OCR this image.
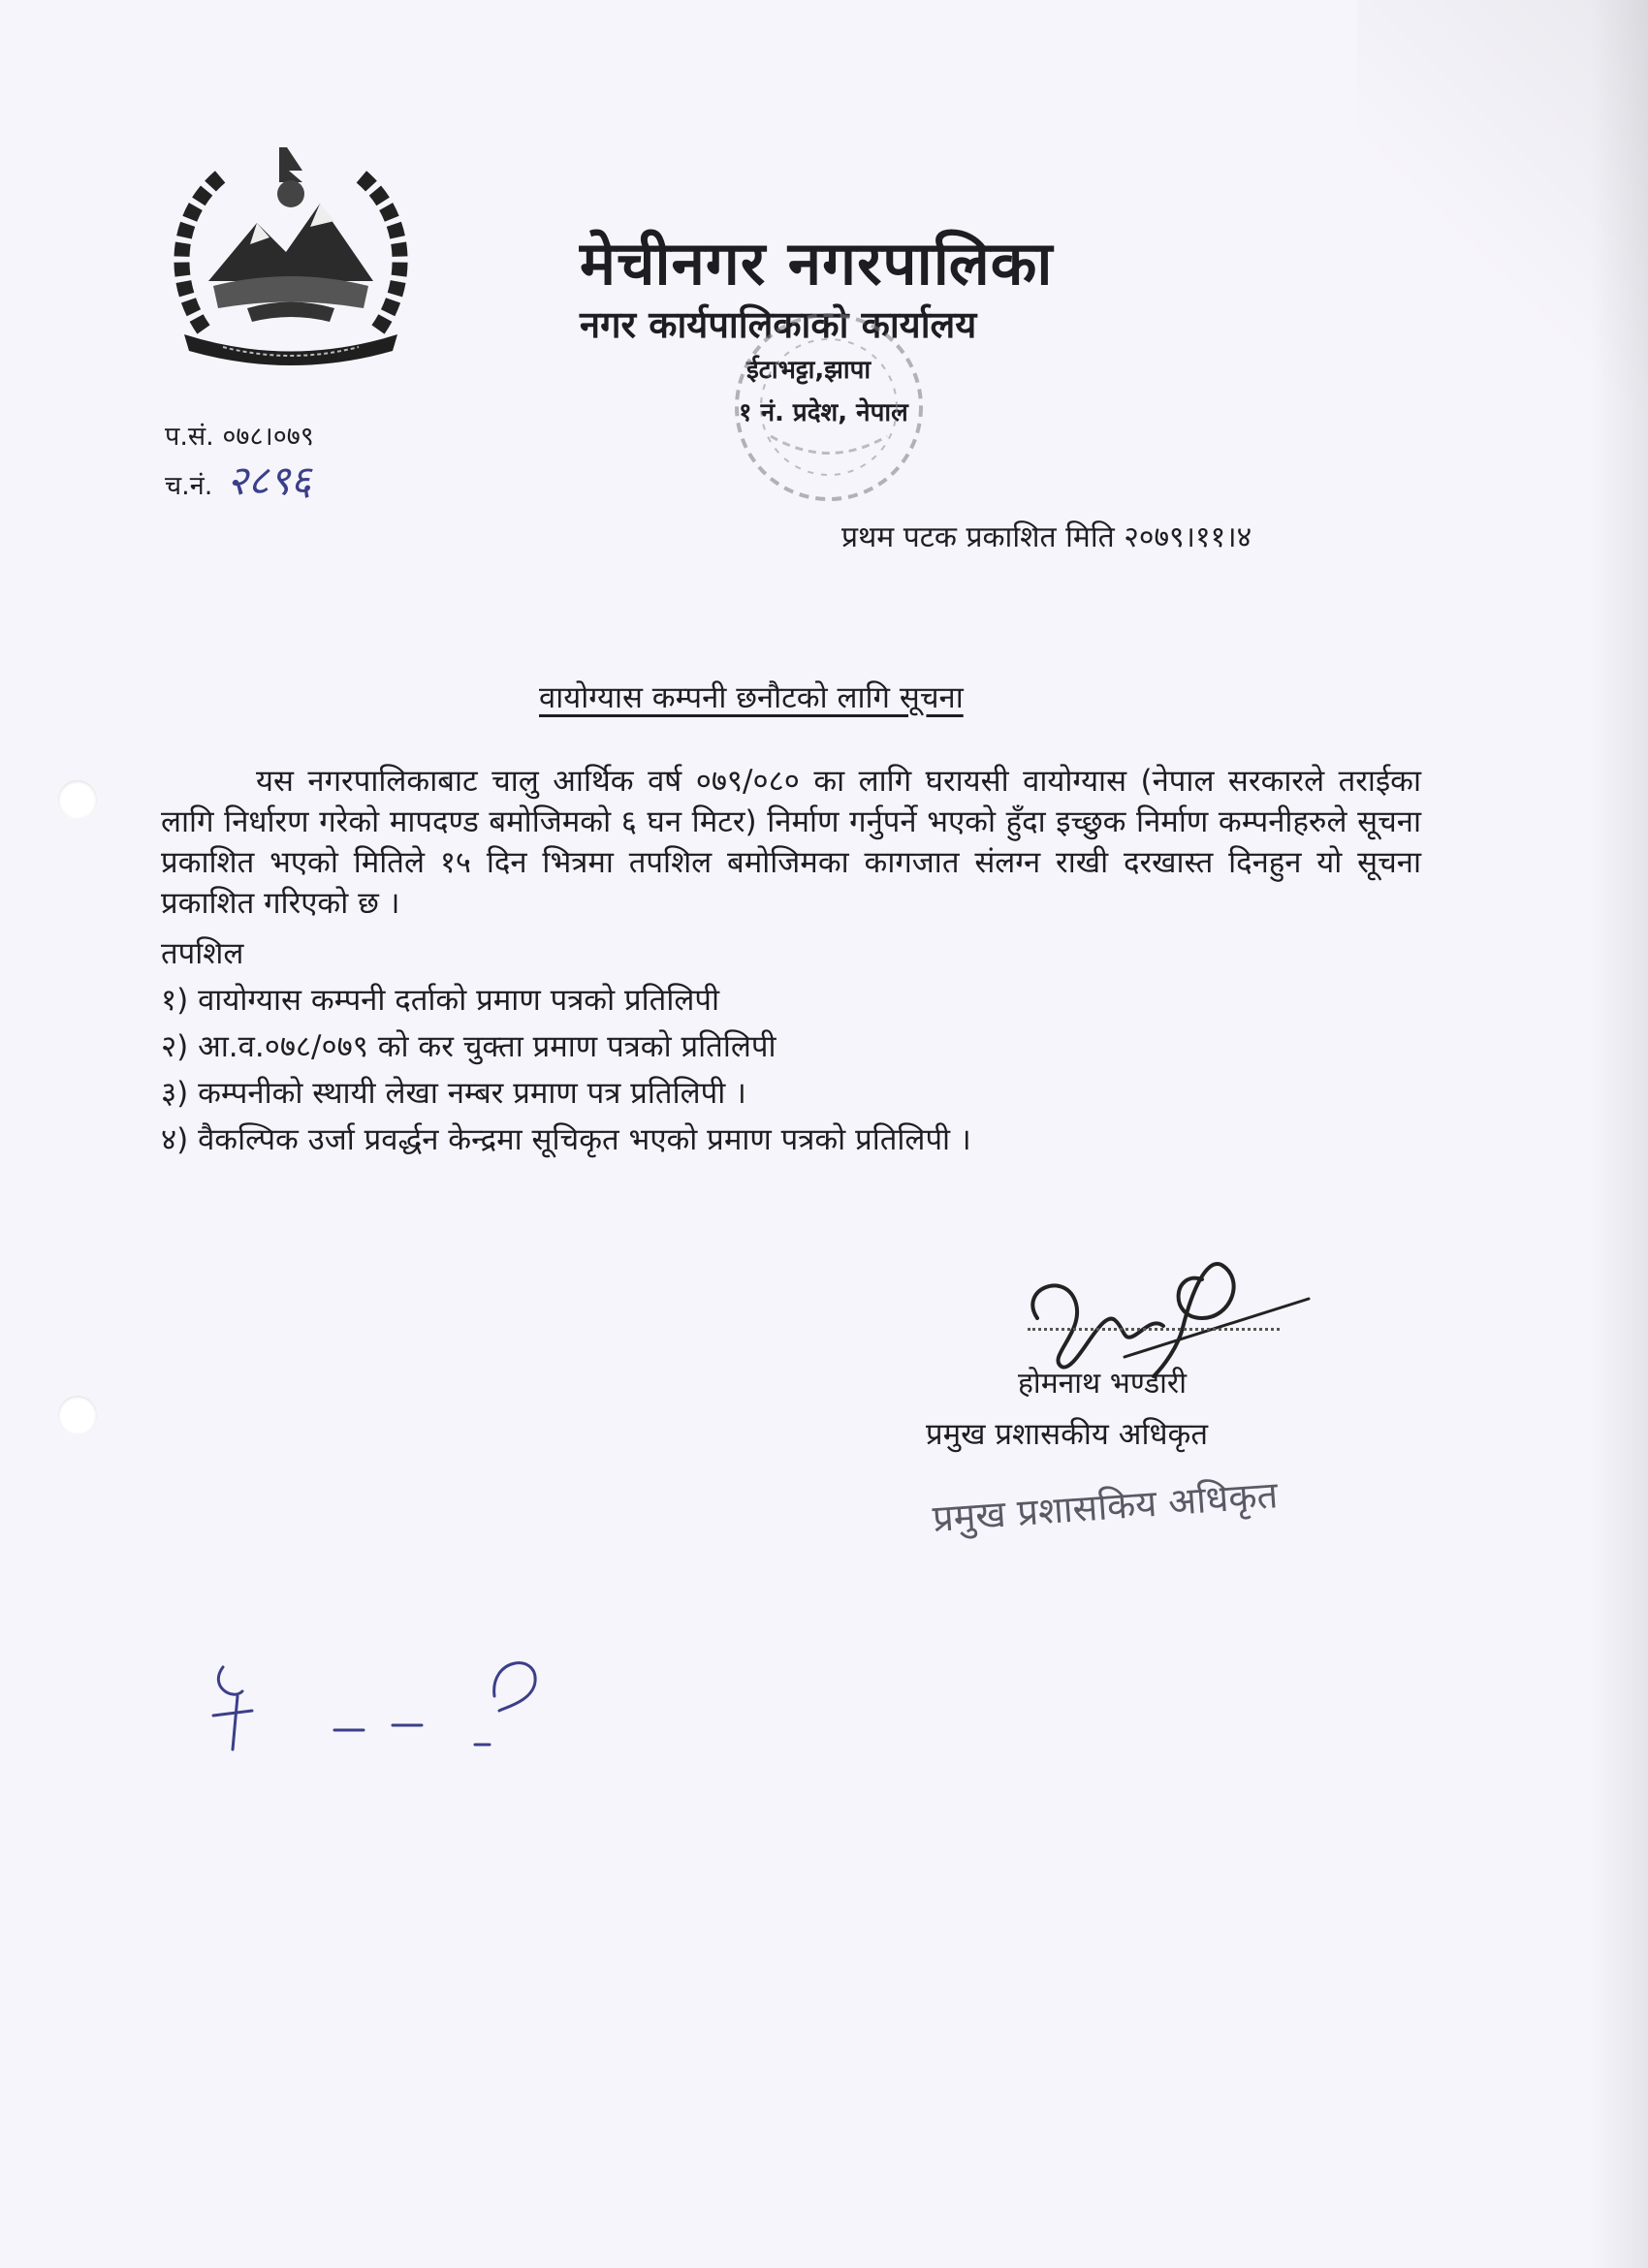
मेचीनगर नगरपालिका
नगर कार्यपालिकाको कार्यालय
ईटाभट्टा,झापा
१ नं. प्रदेश, नेपाल
प.सं. ०७८।०७९
च.नं. २८९६
प्रथम पटक प्रकाशित मिति २०७९।११।४
वायोग्यास कम्पनी छनौटको लागि सूचना
यस नगरपालिकाबाट चालु आर्थिक वर्ष ०७९/०८० का लागि घरायसी वायोग्यास (नेपाल सरकारले तराईका लागि निर्धारण गरेको मापदण्ड बमोजिमको ६ घन मिटर) निर्माण गर्नुपर्ने भएको हुँदा इच्छुक निर्माण कम्पनीहरुले सूचना प्रकाशित भएको मितिले १५ दिन भित्रमा तपशिल बमोजिमका कागजात संलग्न राखी दरखास्त दिनहुन यो सूचना प्रकाशित गरिएको छ ।
तपशिल
१) वायोग्यास कम्पनी दर्ताको प्रमाण पत्रको प्रतिलिपी
२) आ.व.०७८/०७९ को कर चुक्ता प्रमाण पत्रको प्रतिलिपी
३) कम्पनीको स्थायी लेखा नम्बर प्रमाण पत्र प्रतिलिपी ।
४) वैकल्पिक उर्जा प्रवर्द्धन केन्द्रमा सूचिकृत भएको प्रमाण पत्रको प्रतिलिपी ।
होमनाथ भण्डारी
प्रमुख प्रशासकीय अधिकृत
प्रमुख प्रशासकिय अधिकृत
